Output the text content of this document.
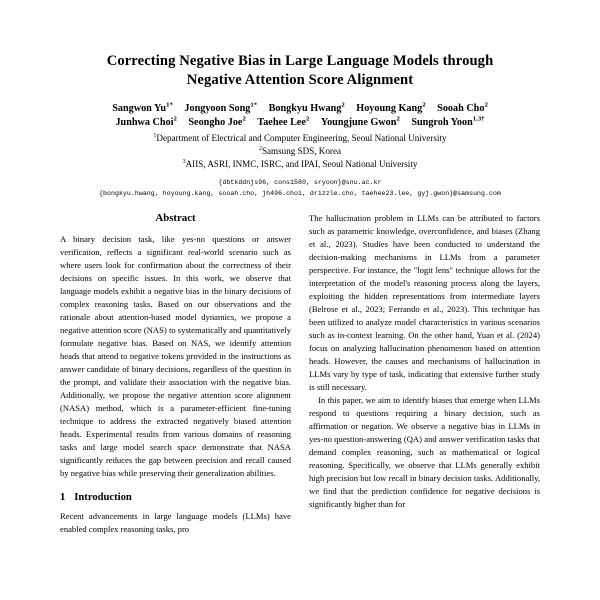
Correcting Negative Bias in Large Language Models through
Negative Attention Score Alignment
Sangwon $Yu^{1*}$ Jongyoon Song$^{1*}$ Bongkyu Hwang$^2$ Hoyoung Kang$^2$ Sooah Cho$^2$
Junhwa Choi$^2$ Seongho Joe$^2$ Taehee Lee$^2$ Youngjune Gwon$^2$ Sungroh Yoon$^{1,3\dagger}$
$^1$Department of Electrical and Computer Engineering, Seoul National University
$^2$Samsung SDS, Korea
$^3$AIIS, ASRI, INMC, ISRC, and IPAI, Seoul National University
{dbtkddnjs96, cons1580, sryoon}@snu.ac.kr
{bongkyu.hwang, hoyoung.kang, sooah.cho, jh496.choi, drizzle.cho, taehee23.lee, gyj.gwon}@samsung.com
Abstract

A binary decision task, like yes-no questions or answer verification, reflects a significant real-world scenario such as where users look for confirmation about the correctness of their decisions on specific issues. In this work, we observe that language models exhibit a negative bias in the binary decisions of complex reasoning tasks. Based on our observations and the rationale about attention-based model dynamics, we propose a negative attention score (NAS) to systematically and quantitatively formulate negative bias. Based on NAS, we identify attention heads that attend to negative tokens provided in the instructions as answer candidate of binary decisions, regardless of the question in the prompt, and validate their association with the negative bias. Additionally, we propose the negative attention score alignment (NASA) method, which is a parameter-efficient fine-tuning technique to address the extracted negatively biased attention heads. Experimental results from various domains of reasoning tasks and large model search space demonstrate that NASA significantly reduces the gap between precision and recall caused by negative bias while preserving their generalization abilities.

1 Introduction

Recent advancements in large language models (LLMs) have enabled complex reasoning tasks, pro

The hallucination problem in LLMs can be attributed to factors such as parametric knowledge, overconfidence, and biases (Zhang et al., 2023). Studies have been conducted to understand the decision-making mechanisms in LLMs from a parameter perspective. For instance, the "logit lens" technique allows for the interpretation of the model's reasoning process along the layers, exploiting the hidden representations from intermediate layers (Belrose et al., 2023; Ferrando et al., 2023). This technique has been utilized to analyze model characteristics in various scenarios such as in-context learning. On the other hand, Yuan et al. (2024) focus on analyzing hallucination phenomenon based on attention heads. However, the causes and mechanisms of hallucination in LLMs vary by type of task, indicating that extensive further study is still necessary.

In this paper, we aim to identify biases that emerge when LLMs respond to questions requiring a binary decision, such as affirmation or negation. We observe a negative bias in LLMs in yes-no question-answering (QA) and answer verification tasks that demand complex reasoning, such as mathematical or logical reasoning. Specifically, we observe that LLMs generally exhibit high precision but low recall in binary decision tasks. Additionally, we find that the prediction confidence for negative decisions is significantly higher than for
